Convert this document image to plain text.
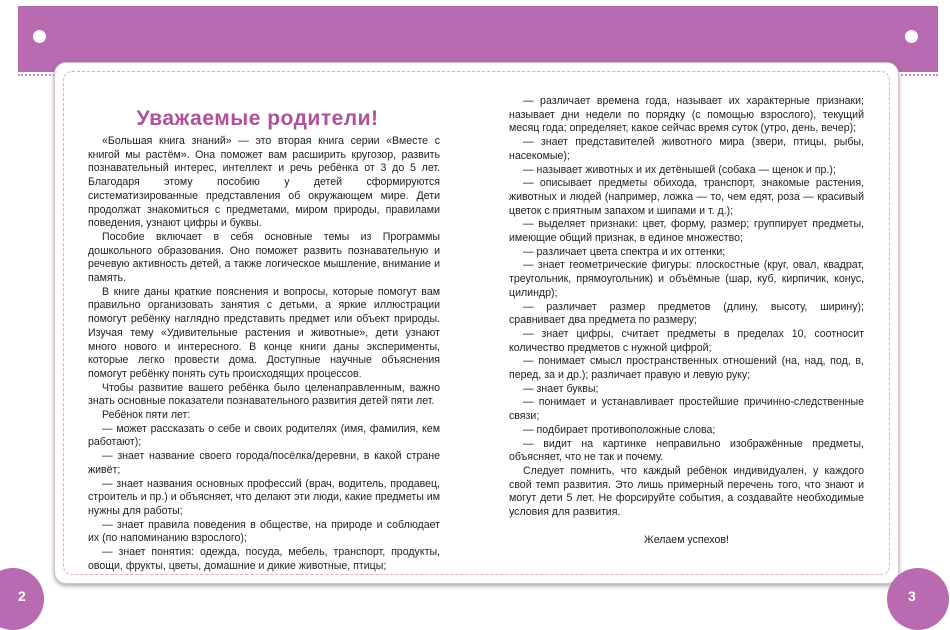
Уважаемые родители!

«Большая книга знаний» — это вторая книга серии «Вместе с книгой мы растём». Она поможет вам расширить кругозор, развить познавательный интерес, интеллект и речь ребёнка от 3 до 5 лет. Благодаря этому пособию у детей сформируются систематизированные представления об окружающем мире. Дети продолжат знакомиться с предметами, миром природы, правилами поведения, узнают цифры и буквы.

Пособие включает в себя основные темы из Программы дошкольного образования. Оно поможет развить познавательную и речевую активность детей, а также логическое мышление, внимание и память.

В книге даны краткие пояснения и вопросы, которые помогут вам правильно организовать занятия с детьми, а яркие иллюстрации помогут ребёнку наглядно представить предмет или объект природы. Изучая тему «Удивительные растения и животные», дети узнают много нового и интересного. В конце книги даны эксперименты, которые легко провести дома. Доступные научные объяснения помогут ребёнку понять суть происходящих процессов.

Чтобы развитие вашего ребёнка было целенаправленным, важно знать основные показатели познавательного развития детей пяти лет.

Ребёнок пяти лет:

— может рассказать о себе и своих родителях (имя, фамилия, кем работают);

— знает название своего города/посёлка/деревни, в какой стране живёт;

— знает названия основных профессий (врач, водитель, продавец, строитель и пр.) и объясняет, что делают эти люди, какие предметы им нужны для работы;

— знает правила поведения в обществе, на природе и соблюдает их (по напоминанию взрослого);

— знает понятия: одежда, посуда, мебель, транспорт, продукты, овощи, фрукты, цветы, домашние и дикие животные, птицы;

— различает времена года, называет их характерные признаки; называет дни недели по порядку (с помощью взрослого), текущий месяц года; определяет, какое сейчас время суток (утро, день, вечер);

— знает представителей животного мира (звери, птицы, рыбы, насекомые);

— называет животных и их детёнышей (собака — щенок и пр.);

— описывает предметы обихода, транспорт, знакомые растения, животных и людей (например, ложка — то, чем едят, роза — красивый цветок с приятным запахом и шипами и т. д.);

— выделяет признаки: цвет, форму, размер; группирует предметы, имеющие общий признак, в единое множество;

— различает цвета спектра и их оттенки;

— знает геометрические фигуры: плоскостные (круг, овал, квадрат, треугольник, прямоугольник) и объёмные (шар, куб, кирпичик, конус, цилиндр);

— различает размер предметов (длину, высоту, ширину); сравнивает два предмета по размеру;

— знает цифры, считает предметы в пределах 10, соотносит количество предметов с нужной цифрой;

— понимает смысл пространственных отношений (на, над, под, в, перед, за и др.); различает правую и левую руку;

— знает буквы;

— понимает и устанавливает простейшие причинно-следственные связи;

— подбирает противоположные слова;

— видит на картинке неправильно изображённые предметы, объясняет, что не так и почему.

Следует помнить, что каждый ребёнок индивидуален, у каждого свой темп развития. Это лишь примерный перечень того, что знают и могут дети 5 лет. Не форсируйте события, а создавайте необходимые условия для развития.

Желаем успехов!

2	3
